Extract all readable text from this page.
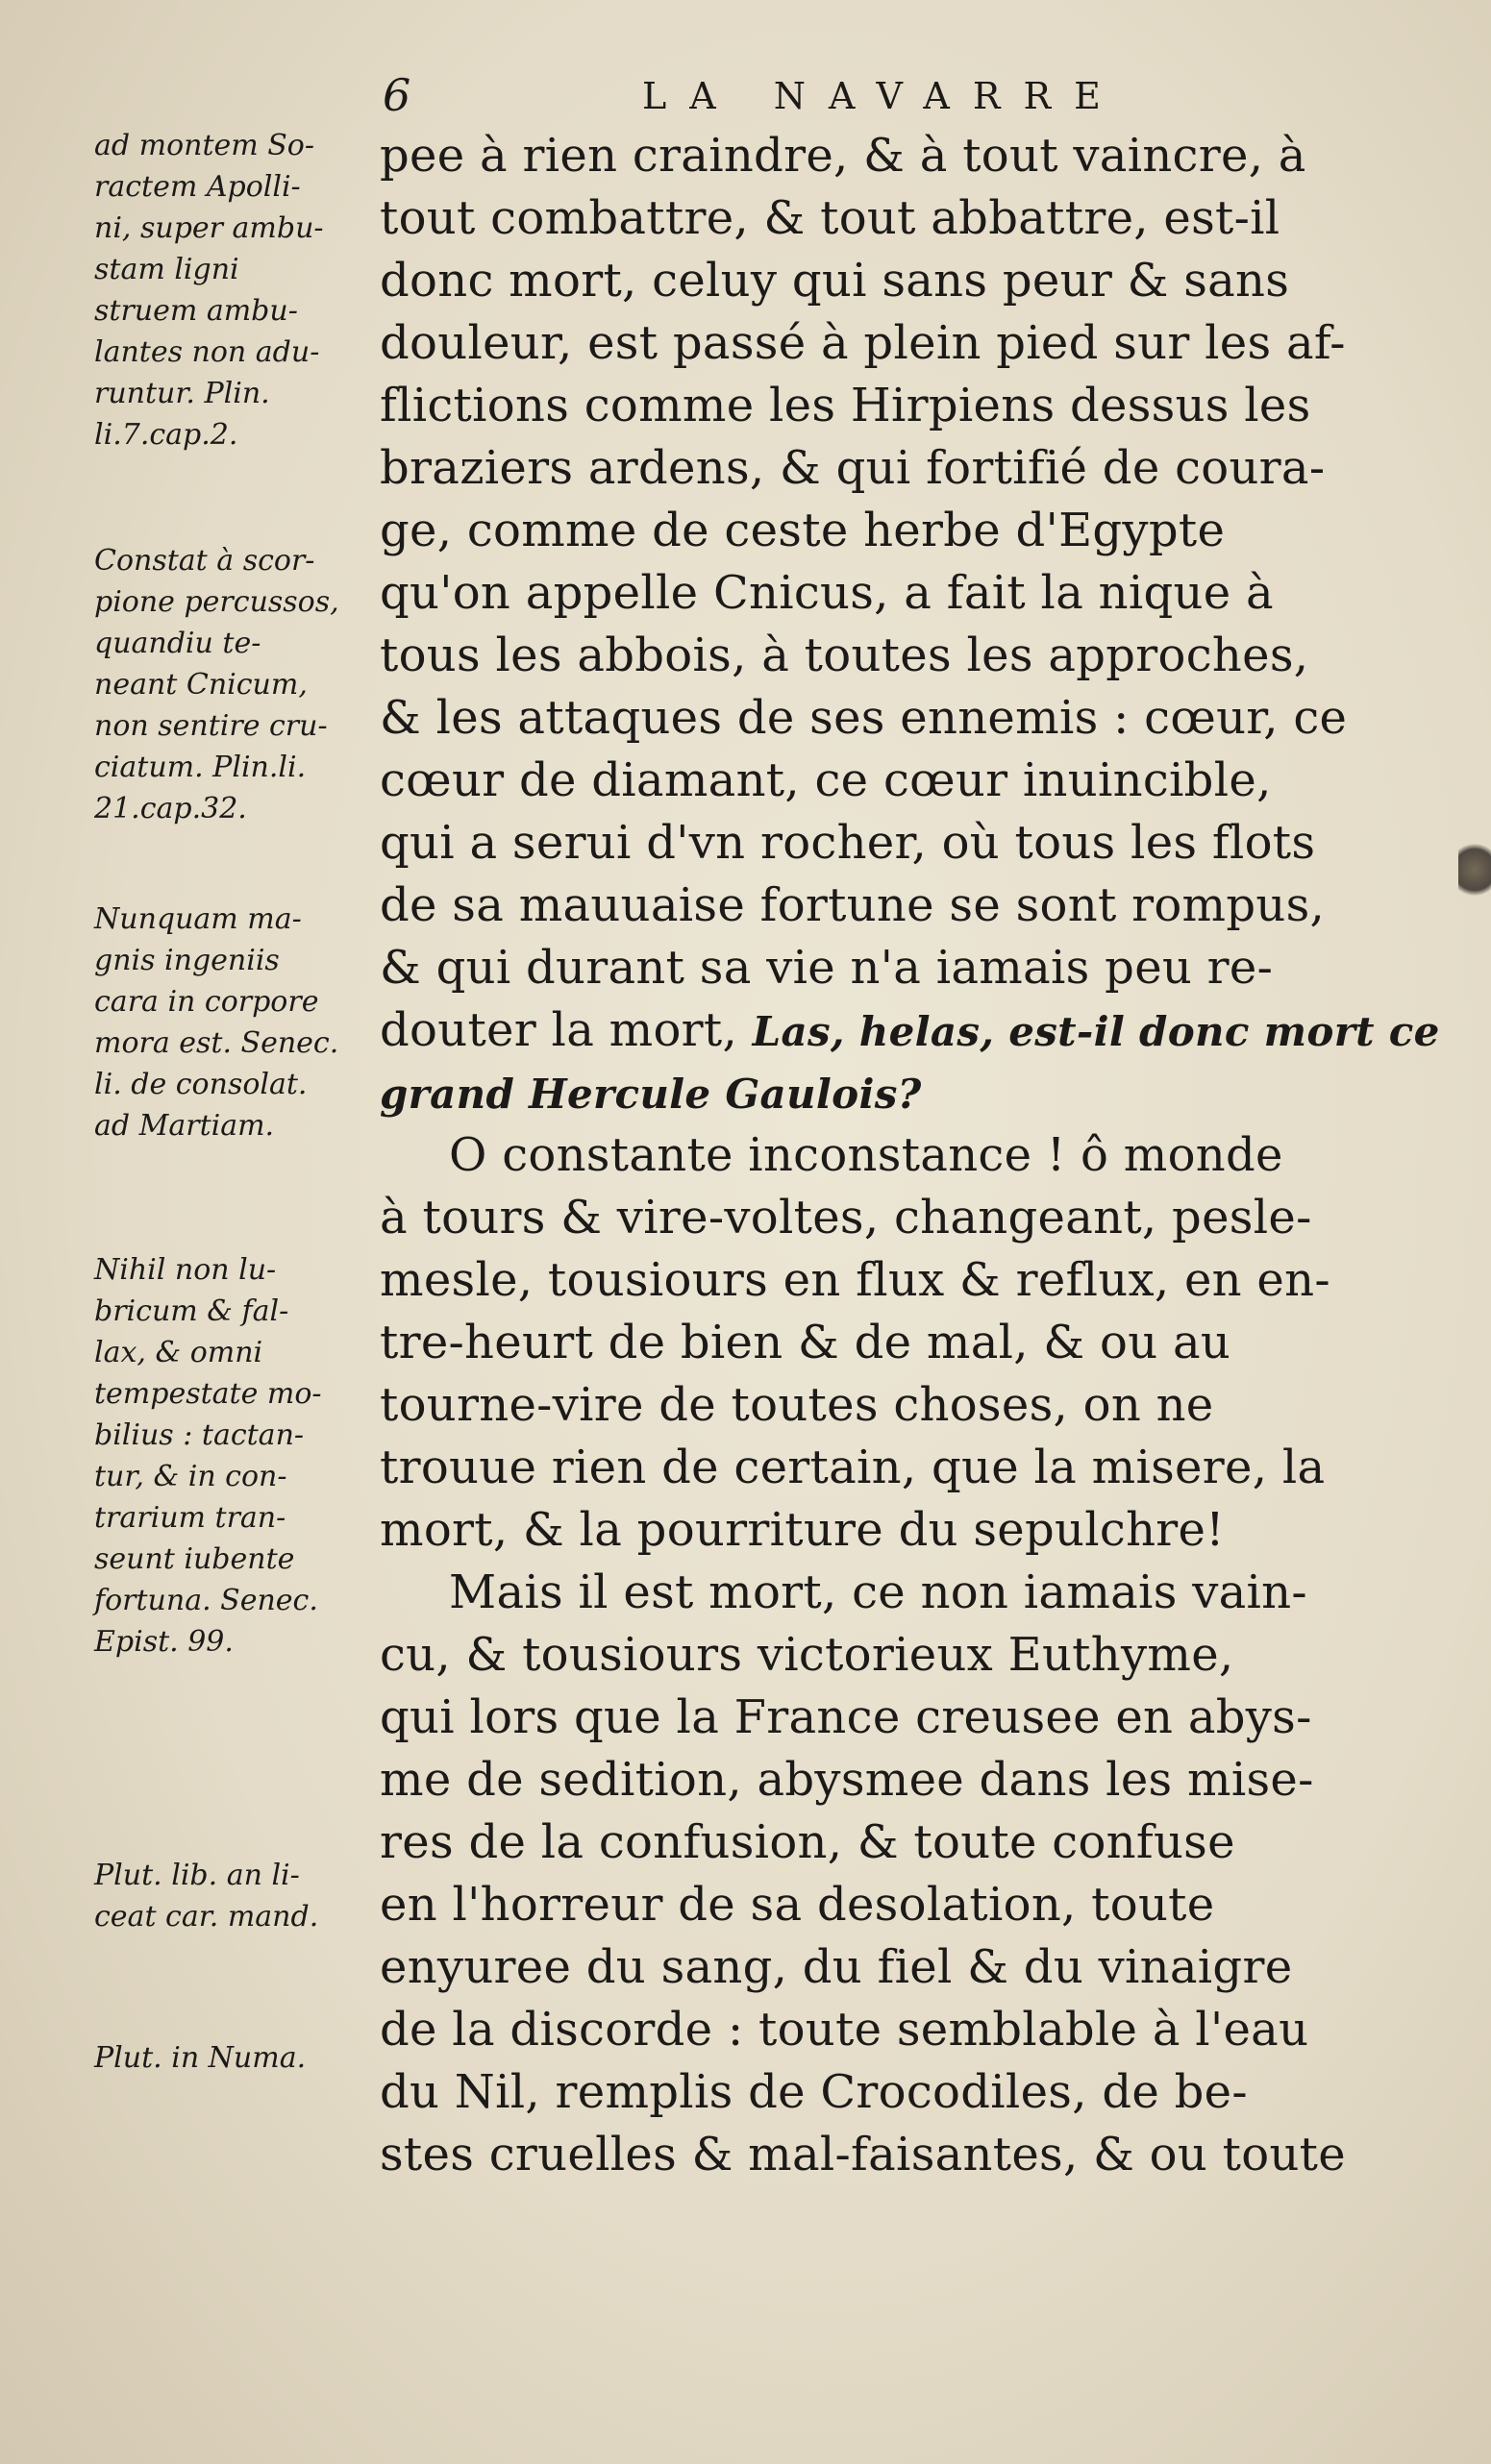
6	LA NAVARRE
ad montem So-
ractem Apolli-
ni, super ambu-
stam ligni
struem ambu-
lantes non adu-
runtur. Plin.
li.7.cap.2.
Constat à scor-
pione percussos,
quandiu te-
neant Cnicum,
non sentire cru-
ciatum. Plin.li.
21.cap.32.
Nunquam ma-
gnis ingeniis
cara in corpore
mora est. Senec.
li. de consolat.
ad Martiam.
Nihil non lu-
bricum & fal-
lax, & omni
tempestate mo-
bilius : tactan-
tur, & in con-
trarium tran-
seunt iubente
fortuna. Senec.
Epist. 99.
Plut. lib. an li-
ceat car. mand.
Plut. in Numa.
pee à rien craindre, & à tout vaincre, à
tout combattre, & tout abbattre, est-il
donc mort, celuy qui sans peur & sans
douleur, est passé à plein pied sur les af-
flictions comme les Hirpiens dessus les
braziers ardens, & qui fortifié de coura-
ge, comme de ceste herbe d'Egypte
qu'on appelle Cnicus, a fait la nique à
tous les abbois, à toutes les approches,
& les attaques de ses ennemis : cœur, ce
cœur de diamant, ce cœur inuincible,
qui a serui d'vn rocher, où tous les flots
de sa mauuaise fortune se sont rompus,
& qui durant sa vie n'a iamais peu re-
douter la mort, Las, helas, est-il donc mort ce
grand Hercule Gaulois?
O constante inconstance ! ô monde
à tours & vire-voltes, changeant, pesle-
mesle, tousiours en flux & reflux, en en-
tre-heurt de bien & de mal, & ou au
tourne-vire de toutes choses, on ne
trouue rien de certain, que la misere, la
mort, & la pourriture du sepulchre!
Mais il est mort, ce non iamais vain-
cu, & tousiours victorieux Euthyme,
qui lors que la France creusee en abys-
me de sedition, abysmee dans les mise-
res de la confusion, & toute confuse
en l'horreur de sa desolation, toute
enyuree du sang, du fiel & du vinaigre
de la discorde : toute semblable à l'eau
du Nil, remplis de Crocodiles, de be-
stes cruelles & mal-faisantes, & ou toute
